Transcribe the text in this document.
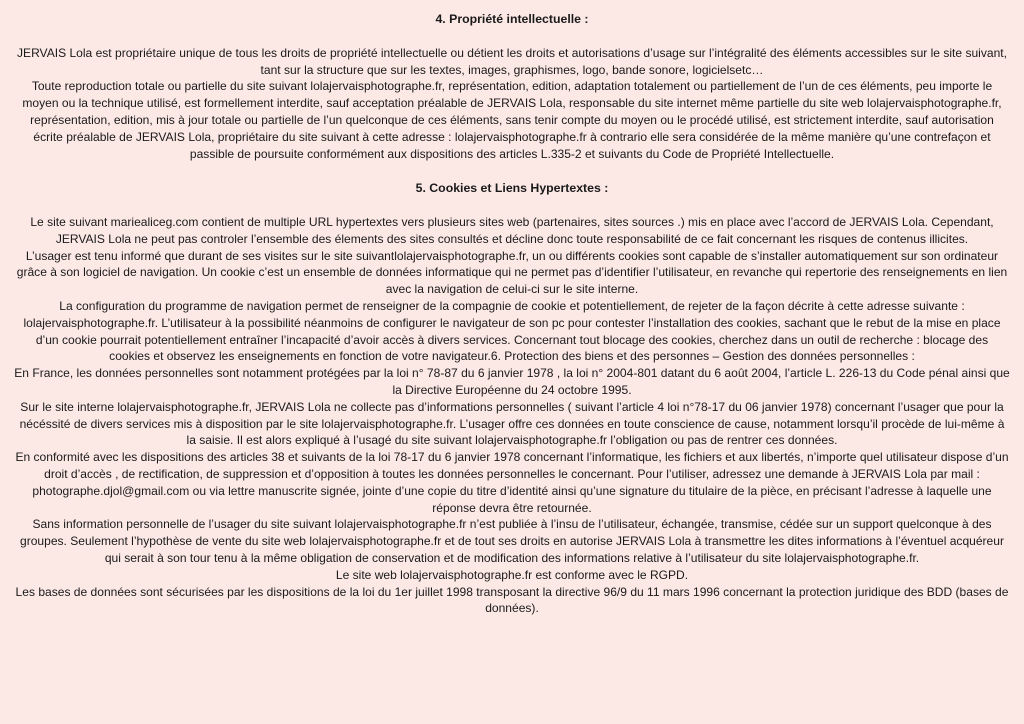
4. Propriété intellectuelle :

JERVAIS Lola est propriétaire unique de tous les droits de propriété intellectuelle ou détient les droits et autorisations d’usage sur l’intégralité des éléments accessibles sur le site suivant, tant sur la structure que sur les textes, images, graphismes, logo, bande sonore, logicielsetc…

Toute reproduction totale ou partielle du site suivant lolajervaisphotographe.fr, représentation, edition, adaptation totalement ou partiellement de l’un de ces éléments, peu importe le moyen ou la technique utilisé, est formellement interdite, sauf acceptation préalable de JERVAIS Lola, responsable du site internet même partielle du site web lolajervaisphotographe.fr, représentation, edition, mis à jour totale ou partielle de l’un quelconque de ces éléments, sans tenir compte du moyen ou le procédé utilisé, est strictement interdite, sauf autorisation écrite préalable de JERVAIS Lola, propriétaire du site suivant à cette adresse : lolajervaisphotographe.fr à contrario elle sera considérée de la même manière qu’une contrefaçon et passible de poursuite conformément aux dispositions des articles L.335-2 et suivants du Code de Propriété Intellectuelle.

5. Cookies et Liens Hypertextes :

Le site suivant mariealiceg.com contient de multiple URL hypertextes vers plusieurs sites web (partenaires, sites sources .) mis en place avec l’accord de JERVAIS Lola. Cependant, JERVAIS Lola ne peut pas controler l’ensemble des élements des sites consultés et décline donc toute responsabilité de ce fait concernant les risques de contenus illicites.

L’usager est tenu informé que durant de ses visites sur le site suivantlolajervaisphotographe.fr, un ou différents cookies sont capable de s’installer automatiquement sur son ordinateur grâce à son logiciel de navigation. Un cookie c’est un ensemble de données informatique qui ne permet pas d’identifier l’utilisateur, en revanche qui repertorie des renseignements en lien avec la navigation de celui-ci sur le site interne.

La configuration du programme de navigation permet de renseigner de la compagnie de cookie et potentiellement, de rejeter de la façon décrite à cette adresse suivante : lolajervaisphotographe.fr. L’utilisateur à la possibilité néanmoins de configurer le navigateur de son pc pour contester l’installation des cookies, sachant que le rebut de la mise en place d’un cookie pourrait potentiellement entraîner l’incapacité d’avoir accès à divers services. Concernant tout blocage des cookies, cherchez dans un outil de recherche : blocage des cookies et observez les enseignements en fonction de votre navigateur.6. Protection des biens et des personnes – Gestion des données personnelles :

En France, les données personnelles sont notamment protégées par la loi n° 78-87 du 6 janvier 1978 , la loi n° 2004-801 datant du 6 août 2004, l’article L. 226-13 du Code pénal ainsi que la Directive Européenne du 24 octobre 1995.

Sur le site interne lolajervaisphotographe.fr, JERVAIS Lola ne collecte pas d’informations personnelles ( suivant l’article 4 loi n°78-17 du 06 janvier 1978) concernant l’usager que pour la nécéssité de divers services mis à disposition par le site lolajervaisphotographe.fr. L’usager offre ces données en toute conscience de cause, notamment lorsqu’il procède de lui-même à la saisie. Il est alors expliqué à l’usagé du site suivant lolajervaisphotographe.fr l’obligation ou pas de rentrer ces données.

En conformité avec les dispositions des articles 38 et suivants de la loi 78-17 du 6 janvier 1978 concernant l’informatique, les fichiers et aux libertés, n’importe quel utilisateur dispose d’un droit d’accès , de rectification, de suppression et d’opposition à toutes les données personnelles le concernant. Pour l’utiliser, adressez une demande à JERVAIS Lola par mail : photographe.djol@gmail.com ou via lettre manuscrite signée, jointe d’une copie du titre d’identité ainsi qu’une signature du titulaire de la pièce, en précisant l’adresse à laquelle une réponse devra être retournée.

Sans information personnelle de l’usager du site suivant lolajervaisphotographe.fr n’est publiée à l’insu de l’utilisateur, échangée, transmise, cédée sur un support quelconque à des groupes. Seulement l’hypothèse de vente du site web lolajervaisphotographe.fr et de tout ses droits en autorise JERVAIS Lola à transmettre les dites informations à l’éventuel acquéreur qui serait à son tour tenu à la même obligation de conservation et de modification des informations relative à l’utilisateur du site lolajervaisphotographe.fr.

Le site web lolajervaisphotographe.fr est conforme avec le RGPD.

Les bases de données sont sécurisées par les dispositions de la loi du 1er juillet 1998 transposant la directive 96/9 du 11 mars 1996 concernant la protection juridique des BDD (bases de données).
